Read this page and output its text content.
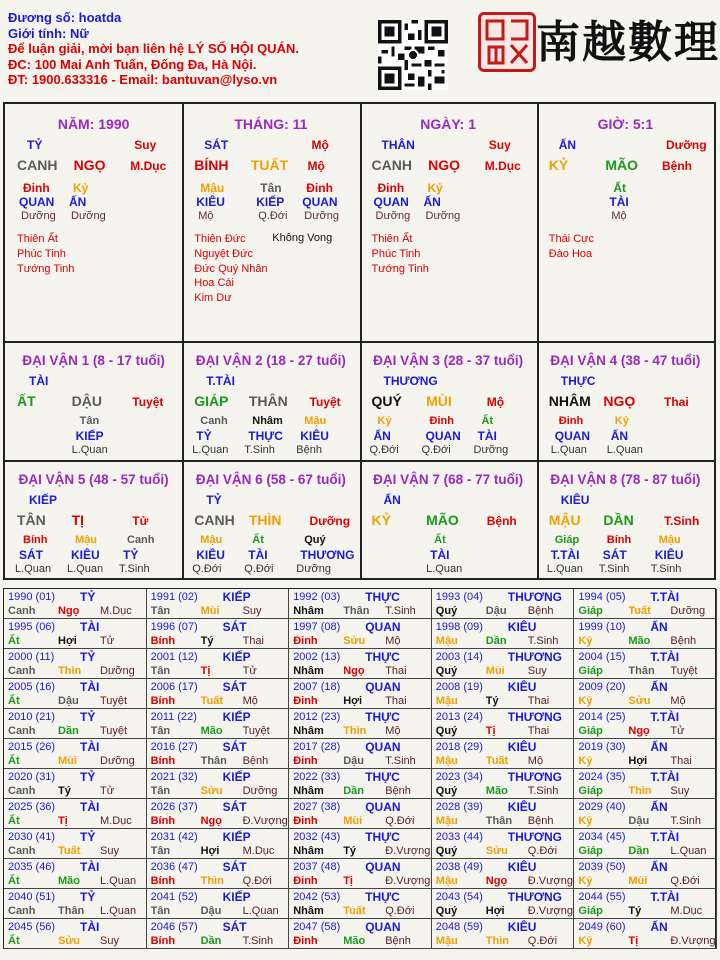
Đương số: hoatda
Giới tính: Nữ
Để luận giải, mời bạn liên hệ LÝ SỐ HỘI QUÁN.
ĐC: 100 Mai Anh Tuấn, Đống Đa, Hà Nội.
ĐT: 1900.633316 - Email: bantuvan@lyso.vn
南越數理
NĂM: 1990
TỶ	Suy
CANH NGỌ M.Dục
Đinh
QUAN
Dưỡng
Kỷ
ẤN
Dưỡng
Thiên Ất
Phúc Tinh
Tướng Tinh
THÁNG: 11
SÁT	Mộ
BÍNH TUẤT Mộ
Mậu
KIÊU
Mộ
Tân
KIẾP
Q.Đới
Đinh
QUAN
Dưỡng
Thiên Đức
Nguyệt Đức
Đức Quý Nhân
Hoa Cái
Kim Dư
Không Vong
NGÀY: 1
THÂN	Suy
CANH NGỌ M.Dục
Đinh
QUAN
Dưỡng
Kỷ
ẤN
Dưỡng
Thiên Ất
Phúc Tinh
Tướng Tinh
GIỜ: 5:1
ẤN	Dưỡng
KỶ	MÃO Bệnh
Ất
TÀI
Mộ
Thái Cực
Đào Hoa
ĐẠI VẬN 1 (8 - 17 tuổi)
TÀI
ẤT	DẬU	Tuyệt
Tân
KIẾP
L.Quan
ĐẠI VẬN 2 (18 - 27 tuổi)
T.TÀI
GIÁP THÂN Tuyệt
Canh
TỶ
L.Quan
Nhâm
THỰC
T.Sinh
Mậu
KIÊU
Bệnh
ĐẠI VẬN 3 (28 - 37 tuổi)
THƯƠNG
QUÝ MÙI	Mộ
Kỷ
ẤN
Q.Đới
Đinh
QUAN
Q.Đới
Ất
TÀI
Dưỡng
ĐẠI VẬN 4 (38 - 47 tuổi)
THỰC
NHÂM NGỌ Thai
Đinh
QUAN
L.Quan
Kỷ
ẤN
L.Quan
ĐẠI VẬN 5 (48 - 57 tuổi)
KIẾP
TÂN TỊ	Tử
Bính
SÁT
L.Quan
Mậu
KIÊU
L.Quan
Canh
TỶ
T.Sinh
ĐẠI VẬN 6 (58 - 67 tuổi)
TỶ
CANH THÌN Dưỡng
Mậu
KIÊU
Q.Đới
Ất
TÀI
Q.Đới
Quý
THƯƠNG
Dưỡng
ĐẠI VẬN 7 (68 - 77 tuổi)
ẤN
KỶ	MÃO Bệnh
Ất
TÀI
L.Quan
ĐẠI VẬN 8 (78 - 87 tuổi)
KIÊU
MẬU DẦN	T.Sinh
Giáp
T.TÀI
L.Quan
Bính
SÁT
T.Sinh
Mậu
KIÊU
T.Sinh
1990 (01) TỶ
Canh Ngọ M.Dục
1991 (02) KIẾP
Tân	Mùi Suy
1992 (03) THỰC
Nhâm Thân T.Sinh
1993 (04) THƯƠNG
Quý	Dậu Bệnh
1994 (05) T.TÀI
Giáp Tuất Dưỡng
1995 (06) TÀI
Ất	Hợi Tử
1996 (07) SÁT
Bính Tý	Thai
1997 (08) QUAN
Đinh Sửu Mộ
1998 (09) KIÊU
Mậu	Dần T.Sinh
1999 (10) ẤN
Kỷ	Mão Bệnh
2000 (11) TỶ
Canh Thìn Dưỡng
2001 (12) KIẾP
Tân	Tị	Tử
2002 (13) THỰC
Nhâm Ngọ Thai
2003 (14) THƯƠNG
Quý	Mùi Suy
2004 (15) T.TÀI
Giáp Thân Tuyệt
2005 (16) TÀI
Ất	Dậu Tuyệt
2006 (17) SÁT
Bính Tuất Mộ
2007 (18) QUAN
Đinh Hợi Thai
2008 (19) KIÊU
Mậu	Tý	Thai
2009 (20) ẤN
Kỷ	Sửu Mộ
2010 (21) TỶ
Canh Dần Tuyệt
2011 (22) KIẾP
Tân	Mão Tuyệt
2012 (23) THỰC
Nhâm Thìn Mộ
2013 (24) THƯƠNG
Quý	Tị	Thai
2014 (25) T.TÀI
Giáp Ngọ Tử
2015 (26) TÀI
Ất	Mùi Dưỡng
2016 (27) SÁT
Bính Thân Bệnh
2017 (28) QUAN
Đinh Dậu T.Sinh
2018 (29) KIÊU
Mậu	Tuất Mộ
2019 (30) ẤN
Kỷ	Hợi Thai
2020 (31) TỶ
Canh Tý	Tử
2021 (32) KIẾP
Tân	Sửu Dưỡng
2022 (33) THỰC
Nhâm Dần Bệnh
2023 (34) THƯƠNG
Quý	Mão T.Sinh
2024 (35) T.TÀI
Giáp Thìn Suy
2025 (36) TÀI
Ất	Tị	M.Dục
2026 (37) SÁT
Bính Ngọ Đ.Vượng
2027 (38) QUAN
Đinh Mùi Q.Đới
2028 (39) KIÊU
Mậu	Thân Bệnh
2029 (40) ẤN
Kỷ	Dậu T.Sinh
2030 (41) TỶ
Canh Tuất Suy
2031 (42) KIẾP
Tân	Hợi M.Dục
2032 (43) THỰC
Nhâm Tý	Đ.Vượng
2033 (44) THƯƠNG
Quý	Sửu Q.Đới
2034 (45) T.TÀI
Giáp Dần L.Quan
2035 (46) TÀI
Ất	Mão L.Quan
2036 (47) SÁT
Bính Thìn Q.Đới
2037 (48) QUAN
Đinh Tị	Đ.Vượng
2038 (49) KIÊU
Mậu	Ngọ Đ.Vượng
2039 (50) ẤN
Kỷ	Mùi Q.Đới
2040 (51) TỶ
Canh Thân L.Quan
2041 (52) KIẾP
Tân	Dậu L.Quan
2042 (53) THỰC
Nhâm Tuất Q.Đới
2043 (54) THƯƠNG
Quý	Hợi Đ.Vượng
2044 (55) T.TÀI
Giáp Tý	M.Dục
2045 (56) TÀI
Ất	Sửu Suy
2046 (57) SÁT
Bính Dần T.Sinh
2047 (58) QUAN
Đinh Mão Bệnh
2048 (59) KIÊU
Mậu	Thìn Q.Đới
2049 (60) ẤN
Kỷ	Tị	Đ.Vượng
